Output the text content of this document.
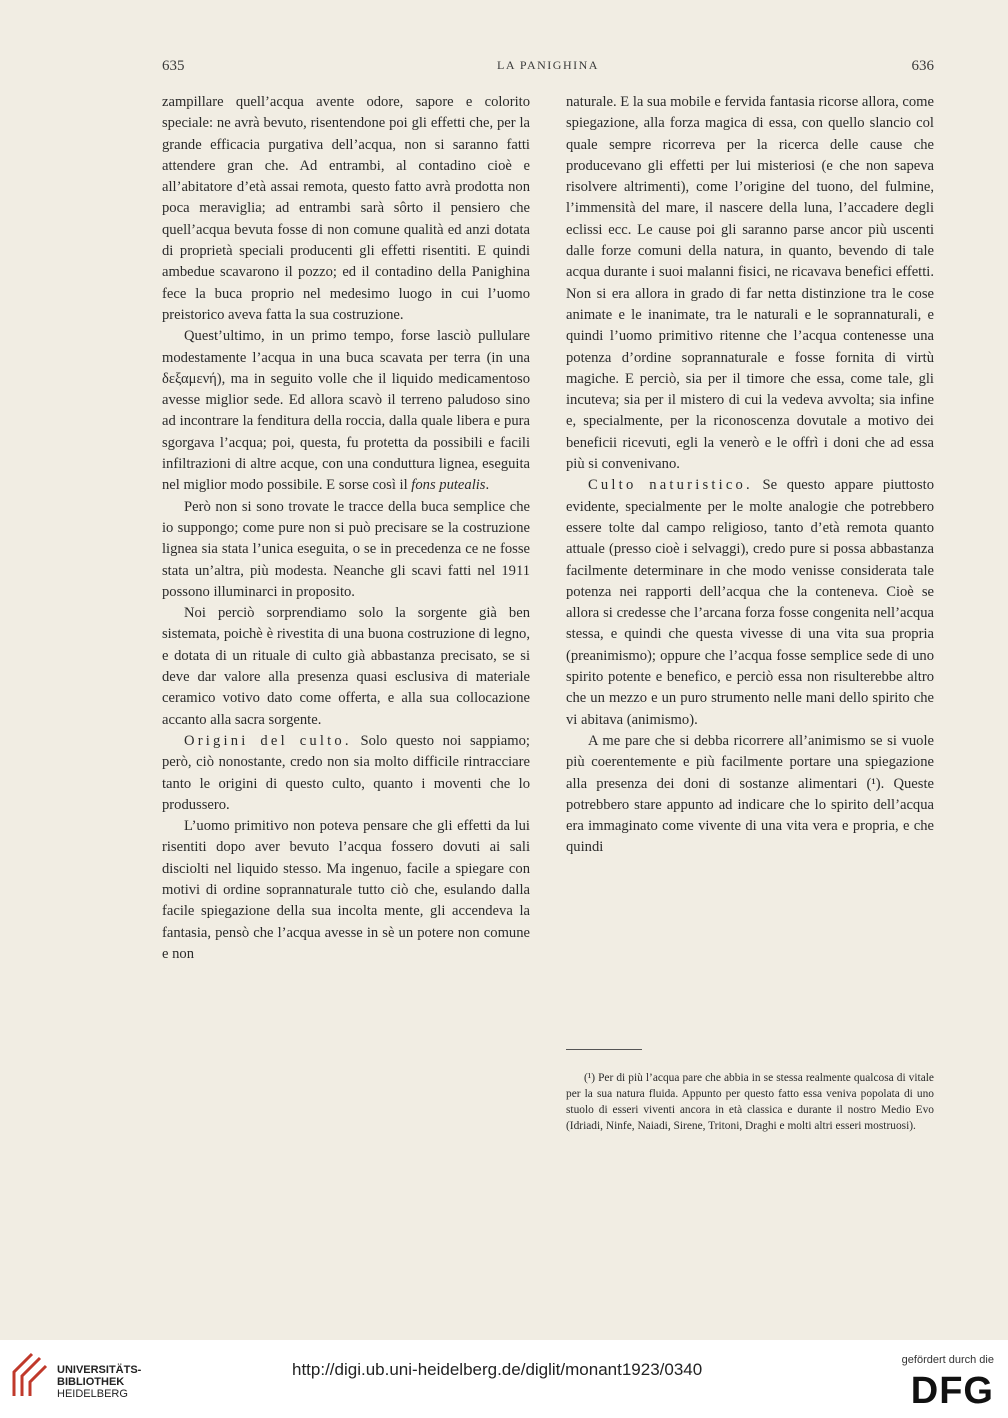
635	LA PANIGHINA	636

zampillare quell’acqua avente odore, sapore e colorito speciale: ne avrà bevuto, risentendone poi gli effetti che, per la grande efficacia purgativa dell’acqua, non si saranno fatti attendere gran che. Ad entrambi, al contadino cioè e all’abitatore d’età assai remota, questo fatto avrà prodotta non poca meraviglia; ad entrambi sarà sôrto il pensiero che quell’acqua bevuta fosse di non comune qualità ed anzi dotata di proprietà speciali producenti gli effetti risentiti. E quindi ambedue scavarono il pozzo; ed il contadino della Panighina fece la buca proprio nel medesimo luogo in cui l’uomo preistorico aveva fatta la sua costruzione.

Quest’ultimo, in un primo tempo, forse lasciò pullulare modestamente l’acqua in una buca scavata per terra (in una δεξαμενή), ma in seguito volle che il liquido medicamentoso avesse miglior sede. Ed allora scavò il terreno paludoso sino ad incontrare la fenditura della roccia, dalla quale libera e pura sgorgava l’acqua; poi, questa, fu protetta da possibili e facili infiltrazioni di altre acque, con una conduttura lignea, eseguita nel miglior modo possibile. E sorse così il fons putealis.

Però non si sono trovate le tracce della buca semplice che io suppongo; come pure non si può precisare se la costruzione lignea sia stata l’unica eseguita, o se in precedenza ce ne fosse stata un’altra, più modesta. Neanche gli scavi fatti nel 1911 possono illuminarci in proposito.

Noi perciò sorprendiamo solo la sorgente già ben sistemata, poichè è rivestita di una buona costruzione di legno, e dotata di un rituale di culto già abbastanza precisato, se si deve dar valore alla presenza quasi esclusiva di materiale ceramico votivo dato come offerta, e alla sua collocazione accanto alla sacra sorgente.

Origini del culto. Solo questo noi sappiamo; però, ciò nonostante, credo non sia molto difficile rintracciare tanto le origini di questo culto, quanto i moventi che lo produssero.

L’uomo primitivo non poteva pensare che gli effetti da lui risentiti dopo aver bevuto l’acqua fossero dovuti ai sali disciolti nel liquido stesso. Ma ingenuo, facile a spiegare con motivi di ordine soprannaturale tutto ciò che, esulando dalla facile spiegazione della sua incolta mente, gli accendeva la fantasia, pensò che l’acqua avesse in sè un potere non comune e non

naturale. E la sua mobile e fervida fantasia ricorse allora, come spiegazione, alla forza magica di essa, con quello slancio col quale sempre ricorreva per la ricerca delle cause che producevano gli effetti per lui misteriosi (e che non sapeva risolvere altrimenti), come l’origine del tuono, del fulmine, l’immensità del mare, il nascere della luna, l’accadere degli eclissi ecc. Le cause poi gli saranno parse ancor più uscenti dalle forze comuni della natura, in quanto, bevendo di tale acqua durante i suoi malanni fisici, ne ricavava benefici effetti. Non si era allora in grado di far netta distinzione tra le cose animate e le inanimate, tra le naturali e le soprannaturali, e quindi l’uomo primitivo ritenne che l’acqua contenesse una potenza d’ordine soprannaturale e fosse fornita di virtù magiche. E perciò, sia per il timore che essa, come tale, gli incuteva; sia per il mistero di cui la vedeva avvolta; sia infine e, specialmente, per la riconoscenza dovutale a motivo dei beneficii ricevuti, egli la venerò e le offrì i doni che ad essa più si convenivano.

Culto naturistico. Se questo appare piuttosto evidente, specialmente per le molte analogie che potrebbero essere tolte dal campo religioso, tanto d’età remota quanto attuale (presso cioè i selvaggi), credo pure si possa abbastanza facilmente determinare in che modo venisse considerata tale potenza nei rapporti dell’acqua che la conteneva. Cioè se allora si credesse che l’arcana forza fosse congenita nell’acqua stessa, e quindi che questa vivesse di una vita sua propria (preanimismo); oppure che l’acqua fosse semplice sede di uno spirito potente e benefico, e perciò essa non risulterebbe altro che un mezzo e un puro strumento nelle mani dello spirito che vi abitava (animismo).

A me pare che si debba ricorrere all’animismo se si vuole più coerentemente e più facilmente portare una spiegazione alla presenza dei doni di sostanze alimentari (¹). Queste potrebbero stare appunto ad indicare che lo spirito dell’acqua era immaginato come vivente di una vita vera e propria, e che quindi

(¹) Per di più l’acqua pare che abbia in se stessa realmente qualcosa di vitale per la sua natura fluida. Appunto per questo fatto essa veniva popolata di uno stuolo di esseri viventi ancora in età classica e durante il nostro Medio Evo (Idriadi, Ninfe, Naiadi, Sirene, Tritoni, Draghi e molti altri esseri mostruosi).

UNIVERSITÄTS-
BIBLIOTHEK
HEIDELBERG
http://digi.ub.uni-heidelberg.de/diglit/monant1923/0340	gefördert durch die
DFG
